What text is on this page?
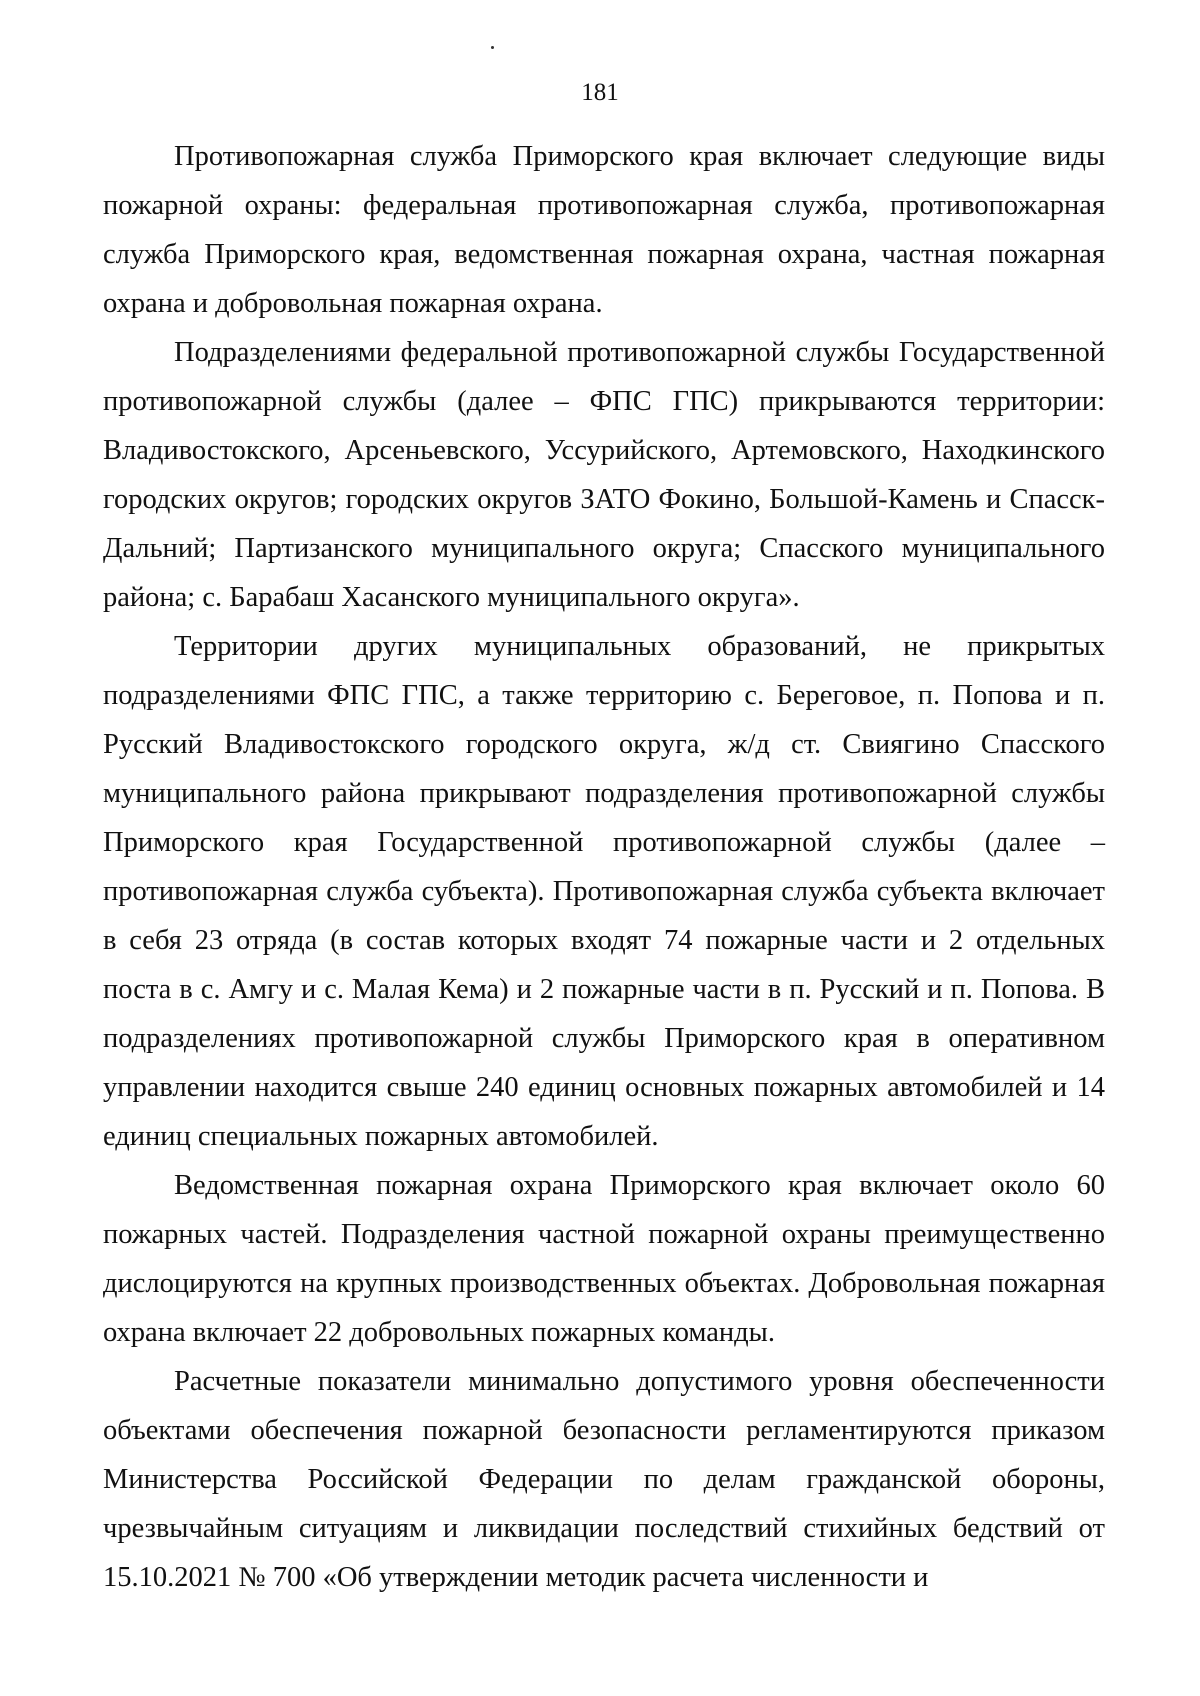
181

Противопожарная служба Приморского края включает следующие виды пожарной охраны: федеральная противопожарная служба, противопожарная служба Приморского края, ведомственная пожарная охрана, частная пожарная охрана и добровольная пожарная охрана.

Подразделениями федеральной противопожарной службы Государственной противопожарной службы (далее – ФПС ГПС) прикрываются территории: Владивостокского, Арсеньевского, Уссурийского, Артемовского, Находкинского городских округов; городских округов ЗАТО Фокино, Большой-Камень и Спасск-Дальний; Партизанского муниципального округа; Спасского муниципального района; с. Барабаш Хасанского муниципального округа».

Территории других муниципальных образований, не прикрытых подразделениями ФПС ГПС, а также территорию с. Береговое, п. Попова и п. Русский Владивостокского городского округа, ж/д ст. Свиягино Спасского муниципального района прикрывают подразделения противопожарной службы Приморского края Государственной противопожарной службы (далее – противопожарная служба субъекта). Противопожарная служба субъекта включает в себя 23 отряда (в состав которых входят 74 пожарные части и 2 отдельных поста в с. Амгу и с. Малая Кема) и 2 пожарные части в п. Русский и п. Попова. В подразделениях противопожарной службы Приморского края в оперативном управлении находится свыше 240 единиц основных пожарных автомобилей и 14 единиц специальных пожарных автомобилей.

Ведомственная пожарная охрана Приморского края включает около 60 пожарных частей. Подразделения частной пожарной охраны преимущественно дислоцируются на крупных производственных объектах. Добровольная пожарная охрана включает 22 добровольных пожарных команды.

Расчетные показатели минимально допустимого уровня обеспеченности объектами обеспечения пожарной безопасности регламентируются приказом Министерства Российской Федерации по делам гражданской обороны, чрезвычайным ситуациям и ликвидации последствий стихийных бедствий от 15.10.2021 № 700 «Об утверждении методик расчета численности и
